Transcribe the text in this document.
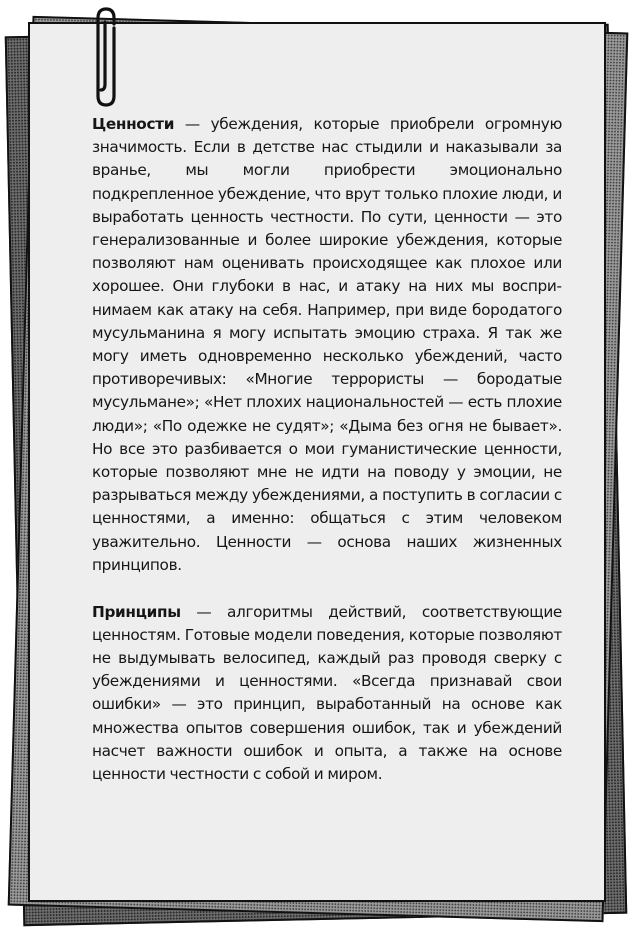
Ценности — убеждения, которые приобрели огромную значимость. Если в детстве нас стыдили и наказывали за вранье, мы могли приобрести эмоционально подкрепленное убеждение, что врут только плохие люди, и выработать ценность честности. По сути, ценности — это генерализованные и более широкие убеждения, которые позволяют нам оценивать происходящее как плохое или хорошее. Они глубоки в нас, и атаку на них мы воспринимаем как атаку на себя. Например, при виде бородатого мусульманина я могу испытать эмоцию страха. Я так же могу иметь одновременно несколько убеждений, часто противоречивых: «Многие террористы — бородатые мусульмане»; «Нет плохих национальностей — есть плохие люди»; «По одежке не судят»; «Дыма без огня не бывает». Но все это разбивается о мои гуманистические ценности, которые позволяют мне не идти на поводу у эмоции, не разрываться между убеждениями, а поступить в согласии с ценностями, а именно: общаться с этим человеком уважительно. Ценности — основа наших жизненных принципов.

Принципы — алгоритмы действий, соответствующие ценностям. Готовые модели поведения, которые позволяют не выдумывать велосипед, каждый раз проводя сверку с убеждениями и ценностями. «Всегда признавай свои ошибки» — это принцип, выработанный на основе как множества опытов совершения ошибок, так и убеждений насчет важности ошибок и опыта, а также на основе ценности честности с собой и миром.
